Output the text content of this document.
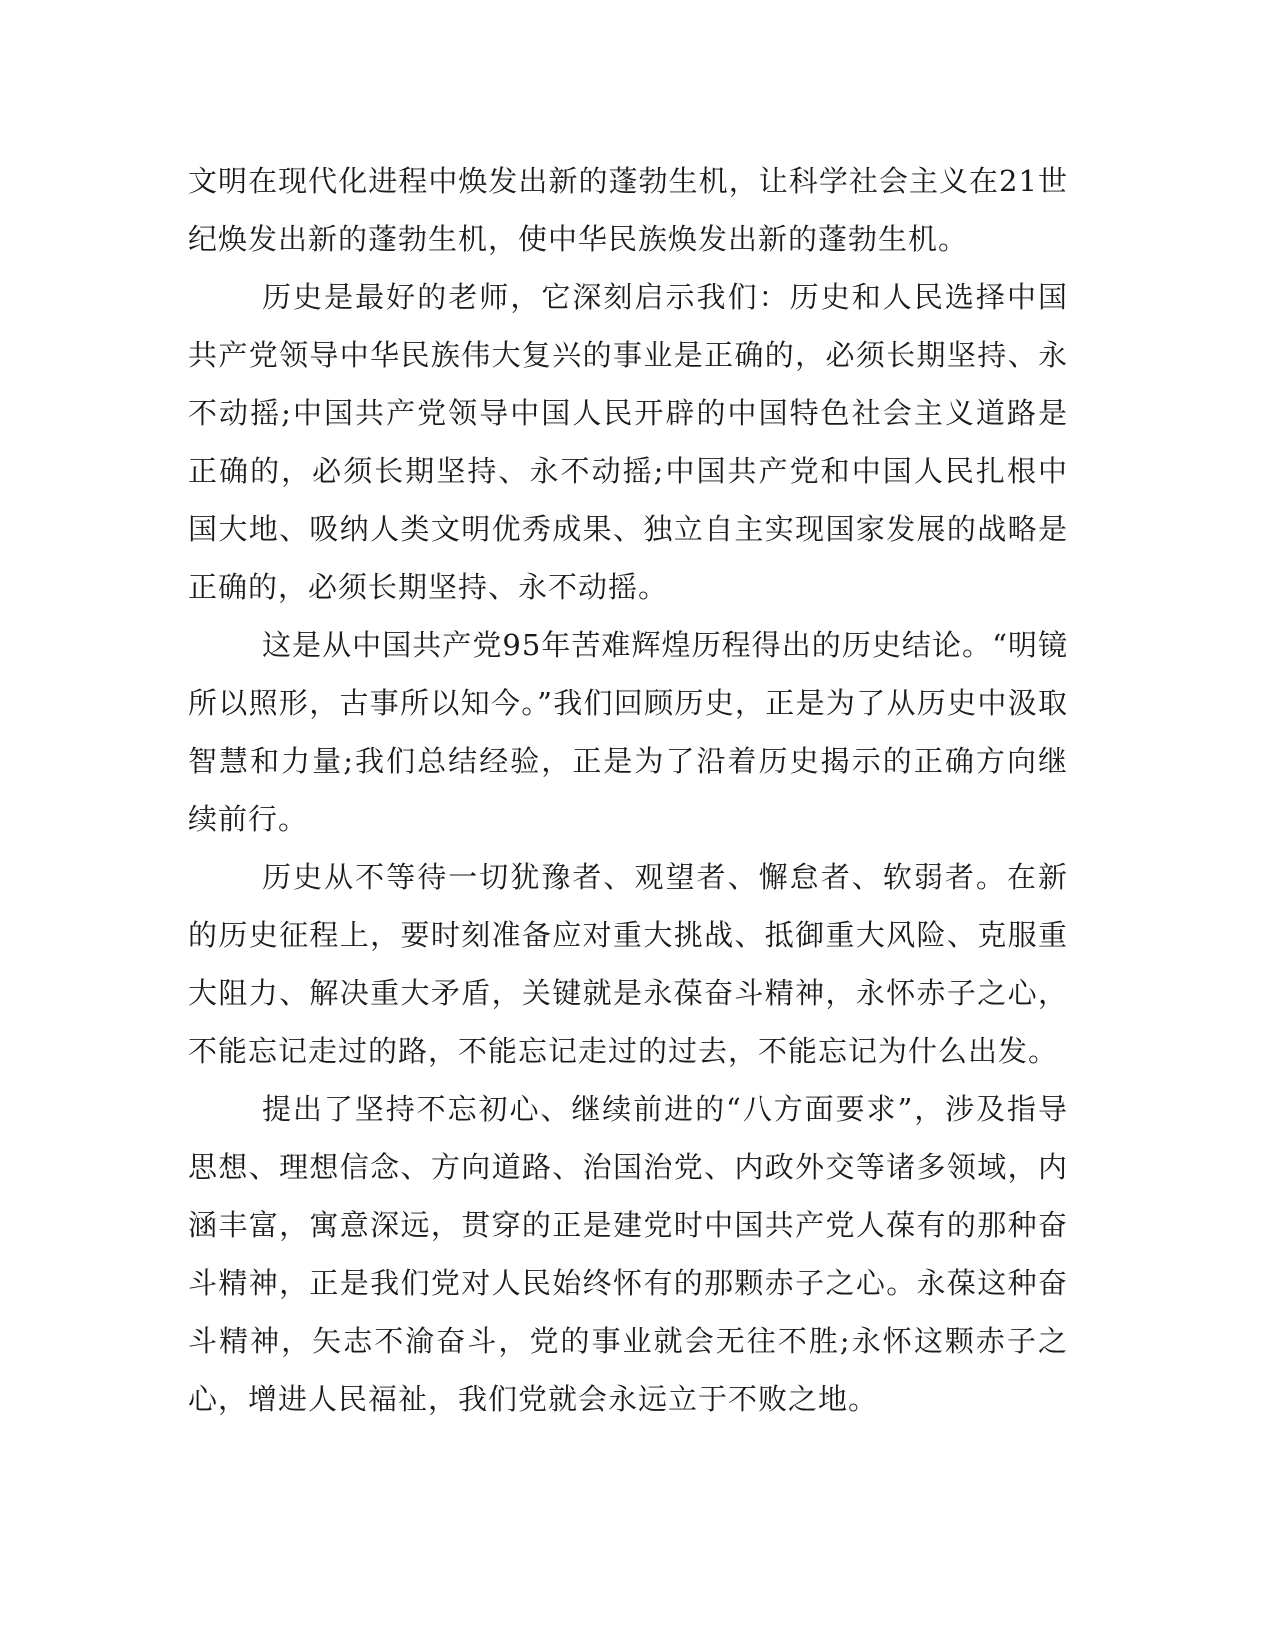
文明在现代化进程中焕发出新的蓬勃生机，让科学社会主义在21世纪焕发出新的蓬勃生机，使中华民族焕发出新的蓬勃生机。

历史是最好的老师，它深刻启示我们：历史和人民选择中国共产党领导中华民族伟大复兴的事业是正确的，必须长期坚持、永不动摇;中国共产党领导中国人民开辟的中国特色社会主义道路是正确的，必须长期坚持、永不动摇;中国共产党和中国人民扎根中国大地、吸纳人类文明优秀成果、独立自主实现国家发展的战略是正确的，必须长期坚持、永不动摇。

这是从中国共产党95年苦难辉煌历程得出的历史结论。“明镜所以照形，古事所以知今。”我们回顾历史，正是为了从历史中汲取智慧和力量;我们总结经验，正是为了沿着历史揭示的正确方向继续前行。

历史从不等待一切犹豫者、观望者、懈怠者、软弱者。在新的历史征程上，要时刻准备应对重大挑战、抵御重大风险、克服重大阻力、解决重大矛盾，关键就是永葆奋斗精神，永怀赤子之心，不能忘记走过的路，不能忘记走过的过去，不能忘记为什么出发。

提出了坚持不忘初心、继续前进的“八方面要求”，涉及指导思想、理想信念、方向道路、治国治党、内政外交等诸多领域，内涵丰富，寓意深远，贯穿的正是建党时中国共产党人葆有的那种奋斗精神，正是我们党对人民始终怀有的那颗赤子之心。永葆这种奋斗精神，矢志不渝奋斗，党的事业就会无往不胜;永怀这颗赤子之心，增进人民福祉，我们党就会永远立于不败之地。
